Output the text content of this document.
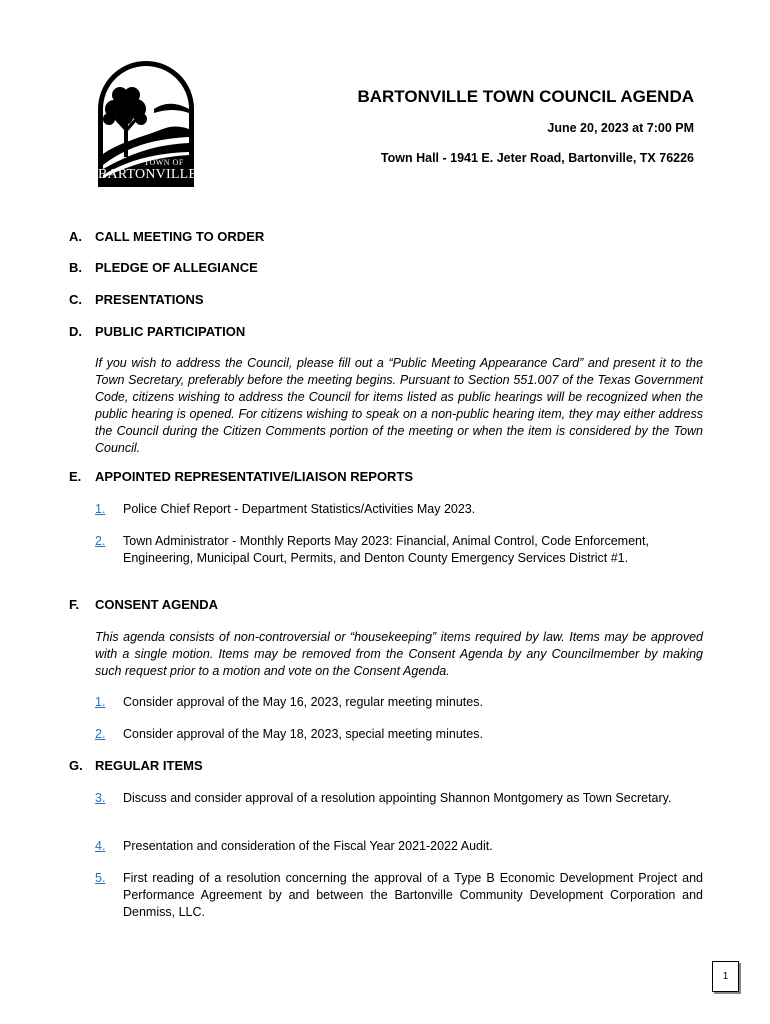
TOWN OF
BARTONVILLE
BARTONVILLE TOWN COUNCIL AGENDA
June 20, 2023 at 7:00 PM
Town Hall - 1941 E. Jeter Road, Bartonville, TX 76226
A. CALL MEETING TO ORDER
B. PLEDGE OF ALLEGIANCE
C. PRESENTATIONS
D. PUBLIC PARTICIPATION
If you wish to address the Council, please fill out a “Public Meeting Appearance Card” and present it to the Town Secretary, preferably before the meeting begins. Pursuant to Section 551.007 of the Texas Government Code, citizens wishing to address the Council for items listed as public hearings will be recognized when the public hearing is opened. For citizens wishing to speak on a non-public hearing item, they may either address the Council during the Citizen Comments portion of the meeting or when the item is considered by the Town Council.
E. APPOINTED REPRESENTATIVE/LIAISON REPORTS
1. Police Chief Report - Department Statistics/Activities May 2023.
2. Town Administrator - Monthly Reports May 2023: Financial, Animal Control, Code Enforcement, Engineering, Municipal Court, Permits, and Denton County Emergency Services District #1.
F. CONSENT AGENDA
This agenda consists of non-controversial or “housekeeping” items required by law. Items may be approved with a single motion. Items may be removed from the Consent Agenda by any Councilmember by making such request prior to a motion and vote on the Consent Agenda.
1. Consider approval of the May 16, 2023, regular meeting minutes.
2. Consider approval of the May 18, 2023, special meeting minutes.
G. REGULAR ITEMS
3. Discuss and consider approval of a resolution appointing Shannon Montgomery as Town Secretary.
4. Presentation and consideration of the Fiscal Year 2021-2022 Audit.
5. First reading of a resolution concerning the approval of a Type B Economic Development Project and Performance Agreement by and between the Bartonville Community Development Corporation and Denmiss, LLC.
1
